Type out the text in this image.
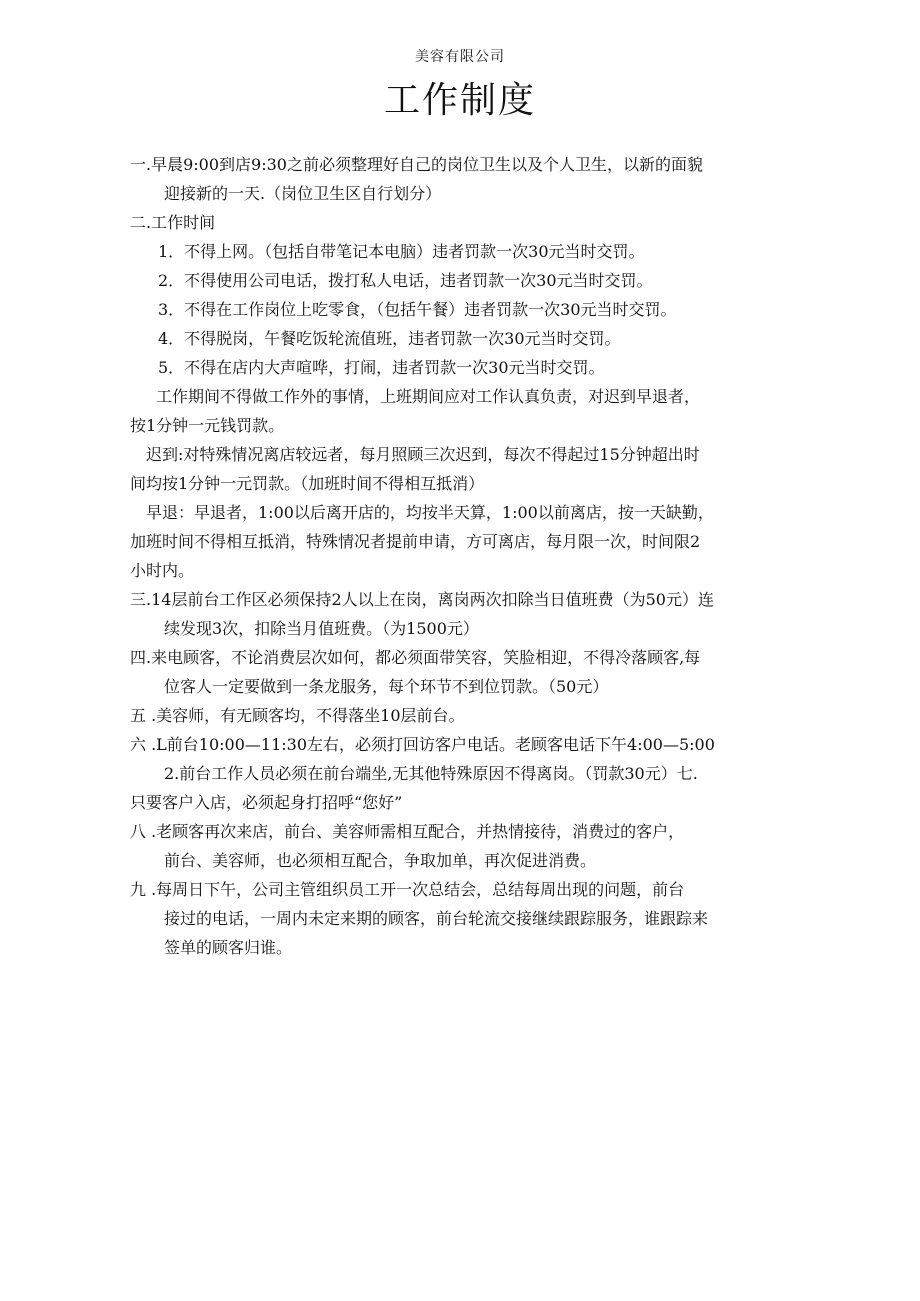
美容有限公司
工作制度
一.早晨9:00到店9:30之前必须整理好自己的岗位卫生以及个人卫生，以新的面貌
迎接新的一天.（岗位卫生区自行划分）
二.工作时间
1．不得上网。（包括自带笔记本电脑）违者罚款一次30元当时交罚。
2．不得使用公司电话，拨打私人电话，违者罚款一次30元当时交罚。
3．不得在工作岗位上吃零食，（包括午餐）违者罚款一次30元当时交罚。
4．不得脱岗，午餐吃饭轮流值班，违者罚款一次30元当时交罚。
5．不得在店内大声喧哗，打闹，违者罚款一次30元当时交罚。
工作期间不得做工作外的事情，上班期间应对工作认真负责，对迟到早退者，
按1分钟一元钱罚款。
迟到:对特殊情况离店较远者，每月照顾三次迟到，每次不得起过15分钟超出时
间均按1分钟一元罚款。（加班时间不得相互抵消）
早退：早退者，1:00以后离开店的，均按半天算，1:00以前离店，按一天缺勤，
加班时间不得相互抵消，特殊情况者提前申请，方可离店，每月限一次，时间限2
小时内。
三.14层前台工作区必须保持2人以上在岗，离岗两次扣除当日值班费（为50元）连
续发现3次，扣除当月值班费。（为1500元）
四.来电顾客，不论消费层次如何，都必须面带笑容，笑脸相迎，不得冷落顾客,每
位客人一定要做到一条龙服务，每个环节不到位罚款。（50元）
五 .美容师，有无顾客均，不得落坐10层前台。
六 .L前台10:00—11:30左右，必须打回访客户电话。老顾客电话下午4:00—5:00
2.前台工作人员必须在前台端坐,无其他特殊原因不得离岗。（罚款30元）七.
只要客户入店，必须起身打招呼“您好”
八 .老顾客再次来店，前台、美容师需相互配合，并热情接待，消费过的客户，
前台、美容师，也必须相互配合，争取加单，再次促进消费。
九 .每周日下午，公司主管组织员工开一次总结会，总结每周出现的问题，前台
接过的电话，一周内未定来期的顾客，前台轮流交接继续跟踪服务，谁跟踪来
签单的顾客归谁。
